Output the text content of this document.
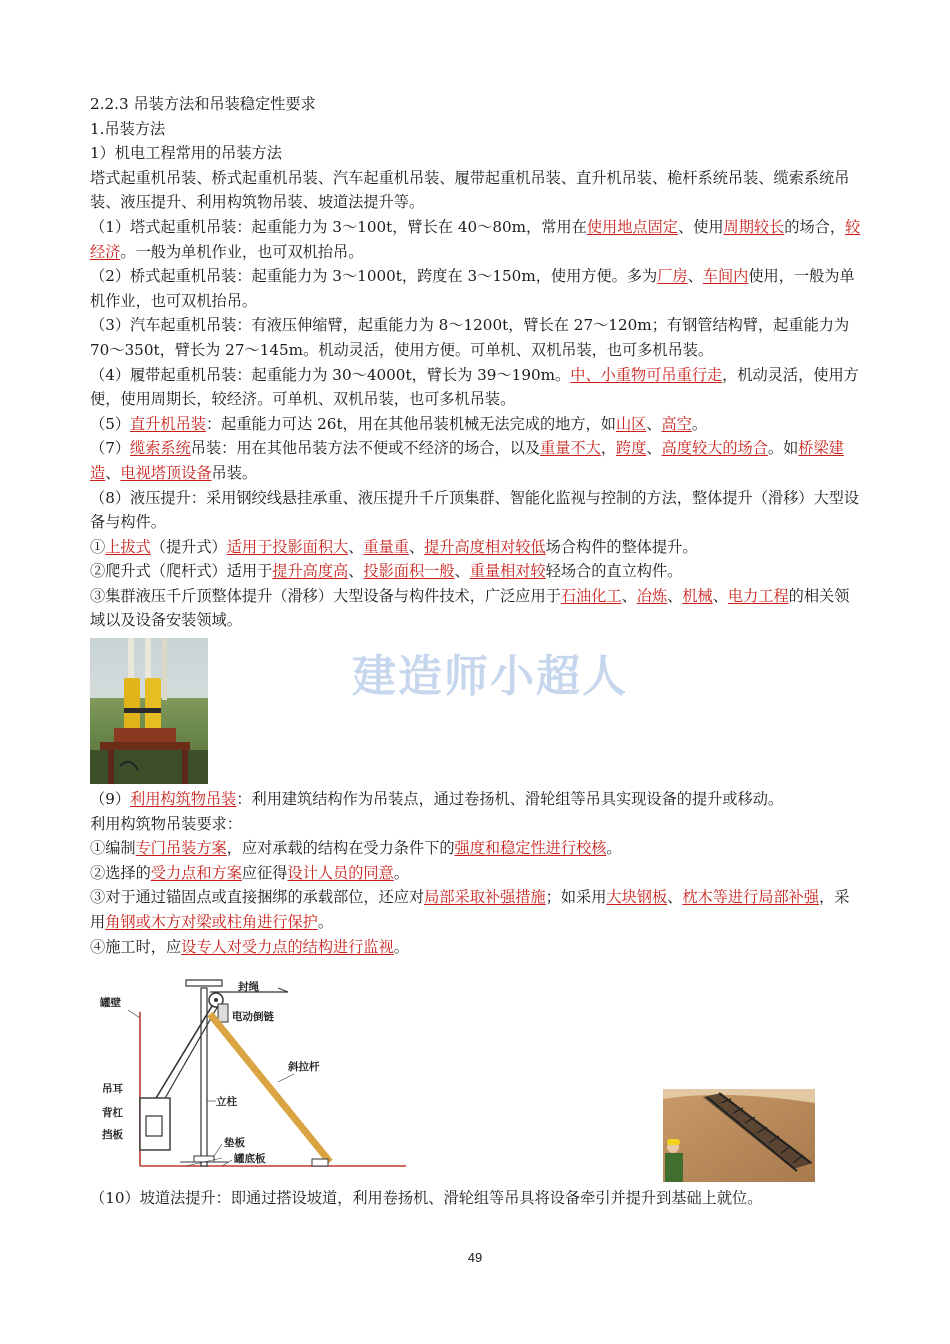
2.2.3 吊装方法和吊装稳定性要求

1.吊装方法

1）机电工程常用的吊装方法

塔式起重机吊装、桥式起重机吊装、汽车起重机吊装、履带起重机吊装、直升机吊装、桅杆系统吊装、缆索系统吊装、液压提升、利用构筑物吊装、坡道法提升等。

（1）塔式起重机吊装：起重能力为 3～100t，臂长在 40～80m，常用在使用地点固定、使用周期较长的场合，较经济。一般为单机作业，也可双机抬吊。

（2）桥式起重机吊装：起重能力为 3～1000t，跨度在 3～150m，使用方便。多为厂房、车间内使用，一般为单机作业，也可双机抬吊。

（3）汽车起重机吊装：有液压伸缩臂，起重能力为 8～1200t，臂长在 27～120m；有钢管结构臂，起重能力为 70～350t，臂长为 27～145m。机动灵活，使用方便。可单机、双机吊装，也可多机吊装。

（4）履带起重机吊装：起重能力为 30～4000t，臂长为 39～190m。中、小重物可吊重行走，机动灵活，使用方便，使用周期长，较经济。可单机、双机吊装，也可多机吊装。

（5）直升机吊装：起重能力可达 26t，用在其他吊装机械无法完成的地方，如山区、高空。

（7）缆索系统吊装：用在其他吊装方法不便或不经济的场合，以及重量不大，跨度、高度较大的场合。如桥梁建造、电视塔顶设备吊装。

（8）液压提升：采用钢绞线悬挂承重、液压提升千斤顶集群、智能化监视与控制的方法，整体提升（滑移）大型设备与构件。

①上拔式（提升式）适用于投影面积大、重量重、提升高度相对较低场合构件的整体提升。

②爬升式（爬杆式）适用于提升高度高、投影面积一般、重量相对较轻场合的直立构件。

③集群液压千斤顶整体提升（滑移）大型设备与构件技术，广泛应用于石油化工、冶炼、机械、电力工程的相关领域以及设备安装领域。

建造师小超人

（9）利用构筑物吊装：利用建筑结构作为吊装点，通过卷扬机、滑轮组等吊具实现设备的提升或移动。

利用构筑物吊装要求：

①编制专门吊装方案，应对承载的结构在受力条件下的强度和稳定性进行校核。

②选择的受力点和方案应征得设计人员的同意。

③对于通过锚固点或直接捆绑的承载部位，还应对局部采取补强措施；如采用大块钢板、枕木等进行局部补强，采用角钢或木方对梁或柱角进行保护。

④施工时，应设专人对受力点的结构进行监视。

封绳
罐壁
电动倒链
斜拉杆
立柱
吊耳
背杠
挡板
垫板
罐底板

（10）坡道法提升：即通过搭设坡道，利用卷扬机、滑轮组等吊具将设备牵引并提升到基础上就位。

49
